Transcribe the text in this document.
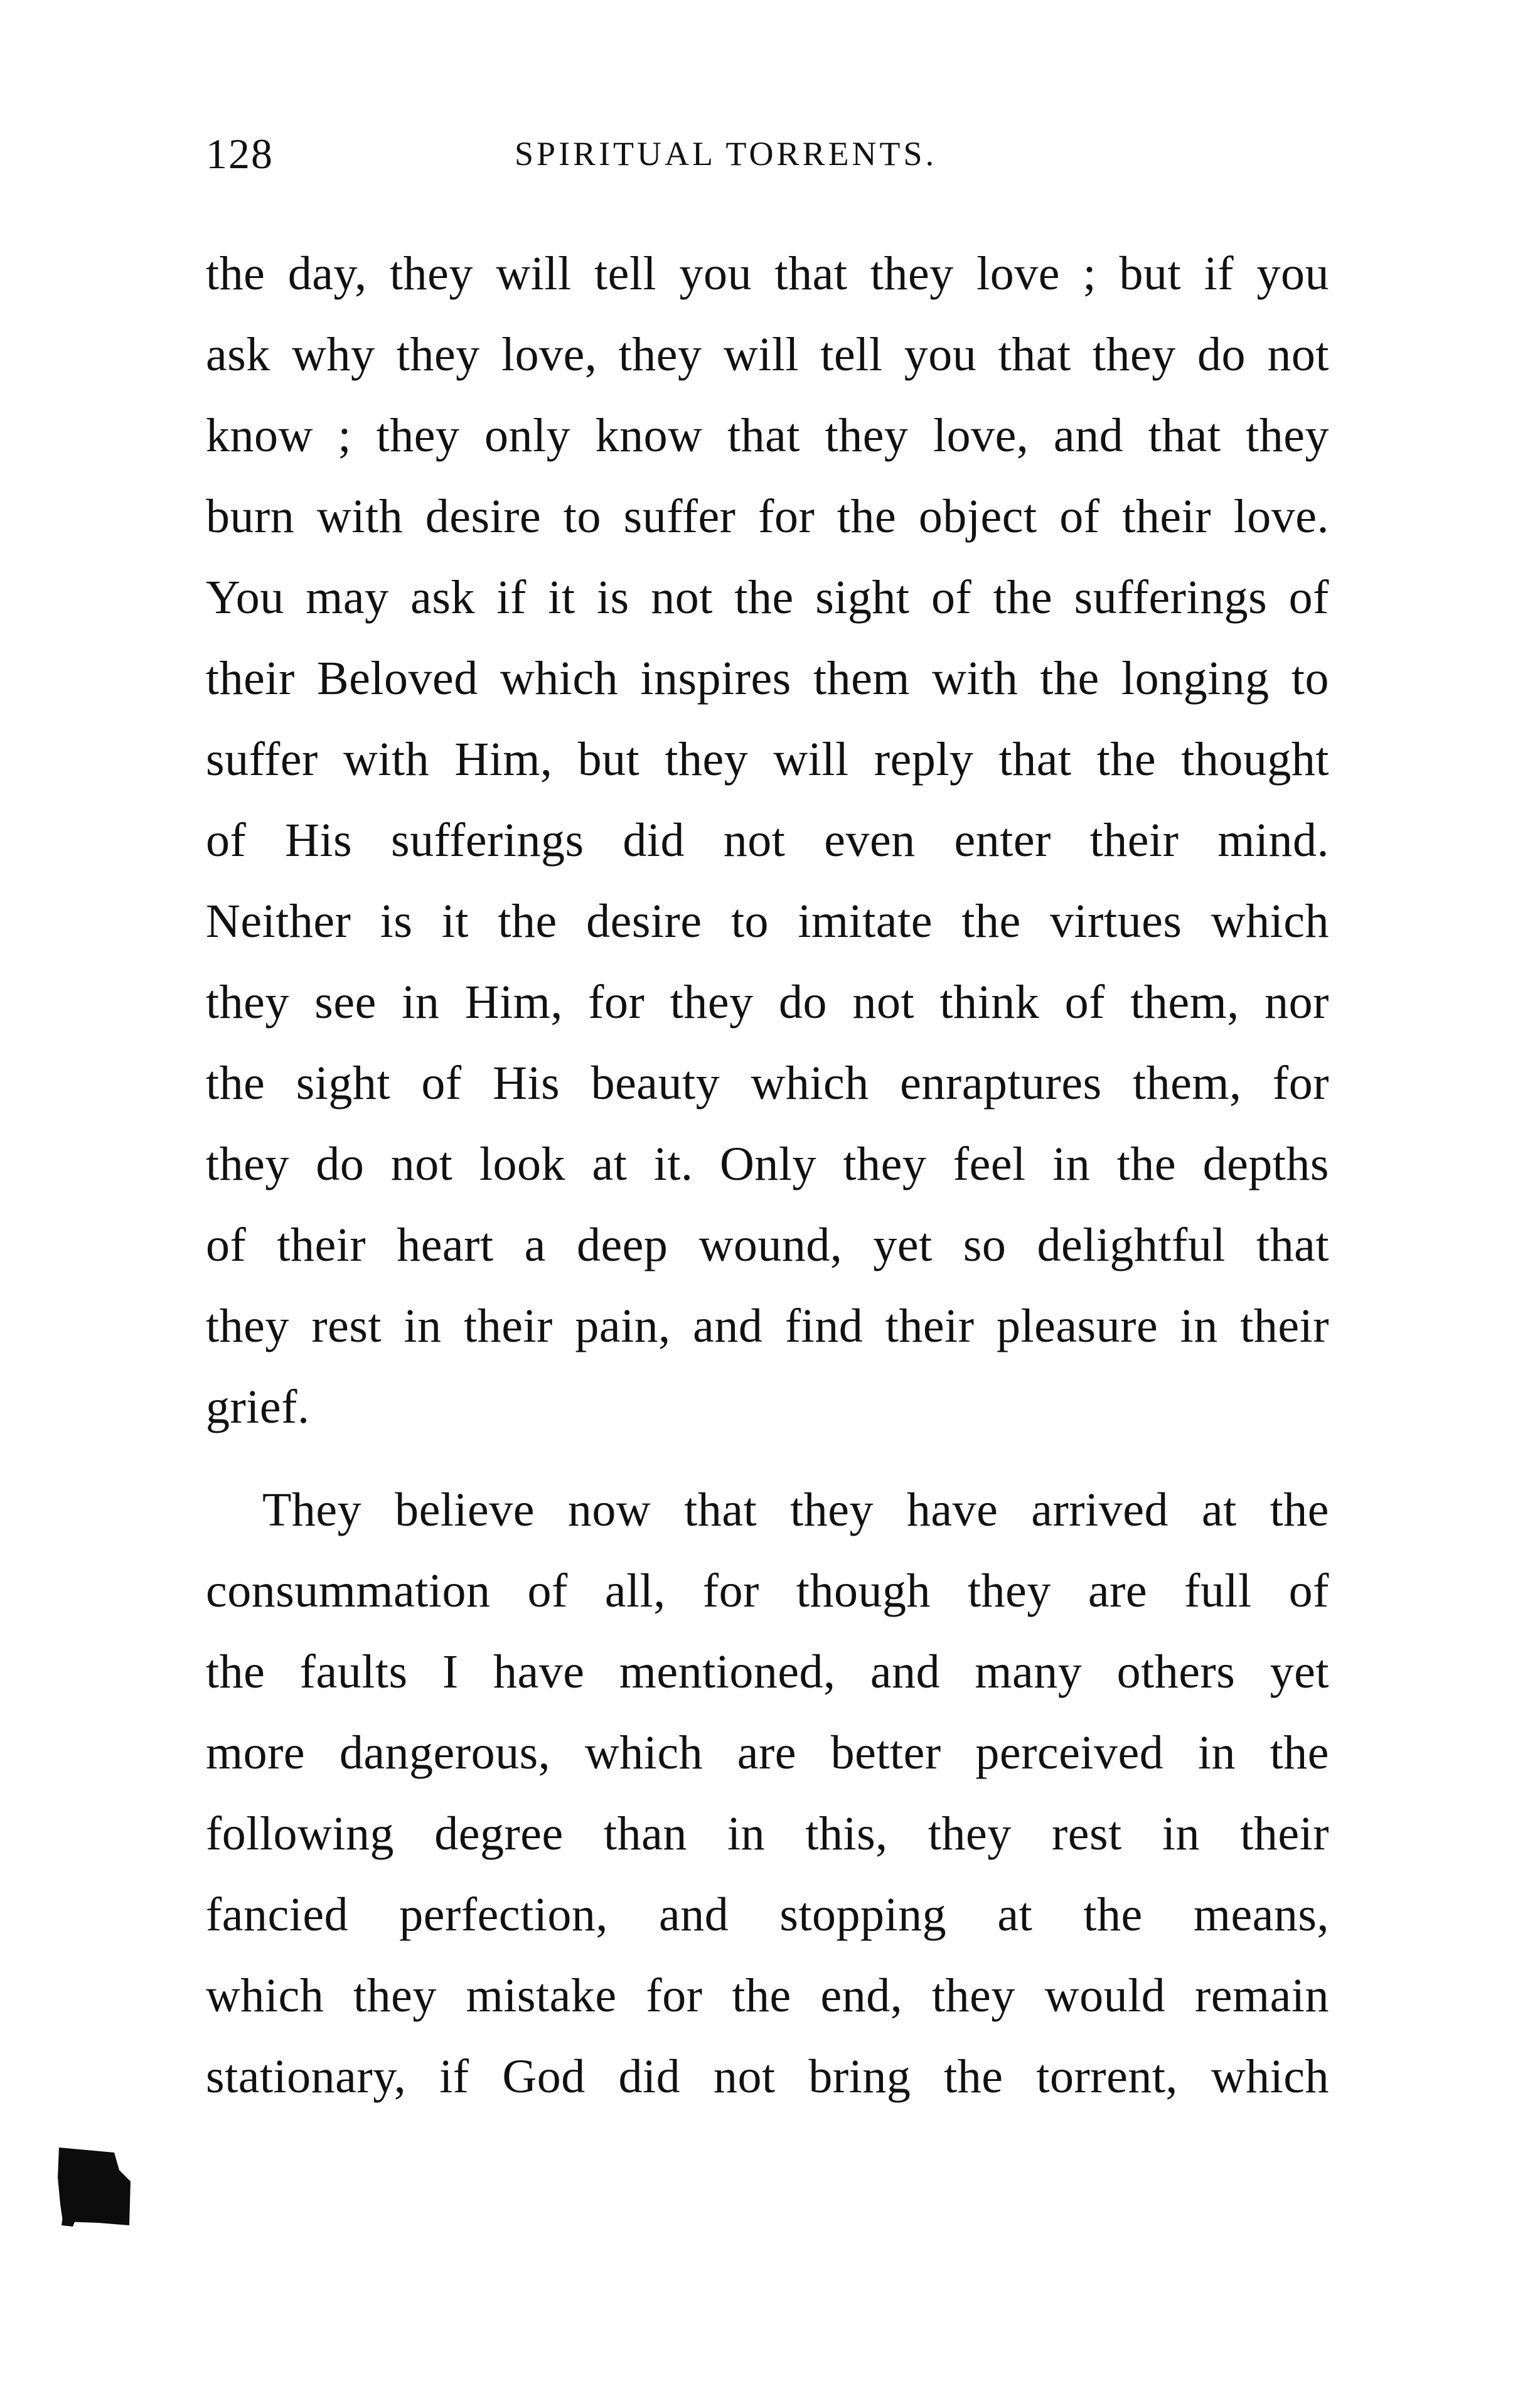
128	SPIRITUAL TORRENTS.
the day, they will tell you that they love ; but if you
ask why they love, they will tell you that they do not
know ; they only know that they love, and that they
burn with desire to suffer for the object of their love.
You may ask if it is not the sight of the sufferings of
their Beloved which inspires them with the longing to
suffer with Him, but they will reply that the thought
of His sufferings did not even enter their mind.
Neither is it the desire to imitate the virtues which
they see in Him, for they do not think of them, nor
the sight of His beauty which enraptures them, for
they do not look at it. Only they feel in the depths
of their heart a deep wound, yet so delightful that
they rest in their pain, and find their pleasure in their
grief.
They believe now that they have arrived at the
consummation of all, for though they are full of
the faults I have mentioned, and many others yet
more dangerous, which are better perceived in the
following degree than in this, they rest in their
fancied perfection, and stopping at the means,
which they mistake for the end, they would remain
stationary, if God did not bring the torrent, which
